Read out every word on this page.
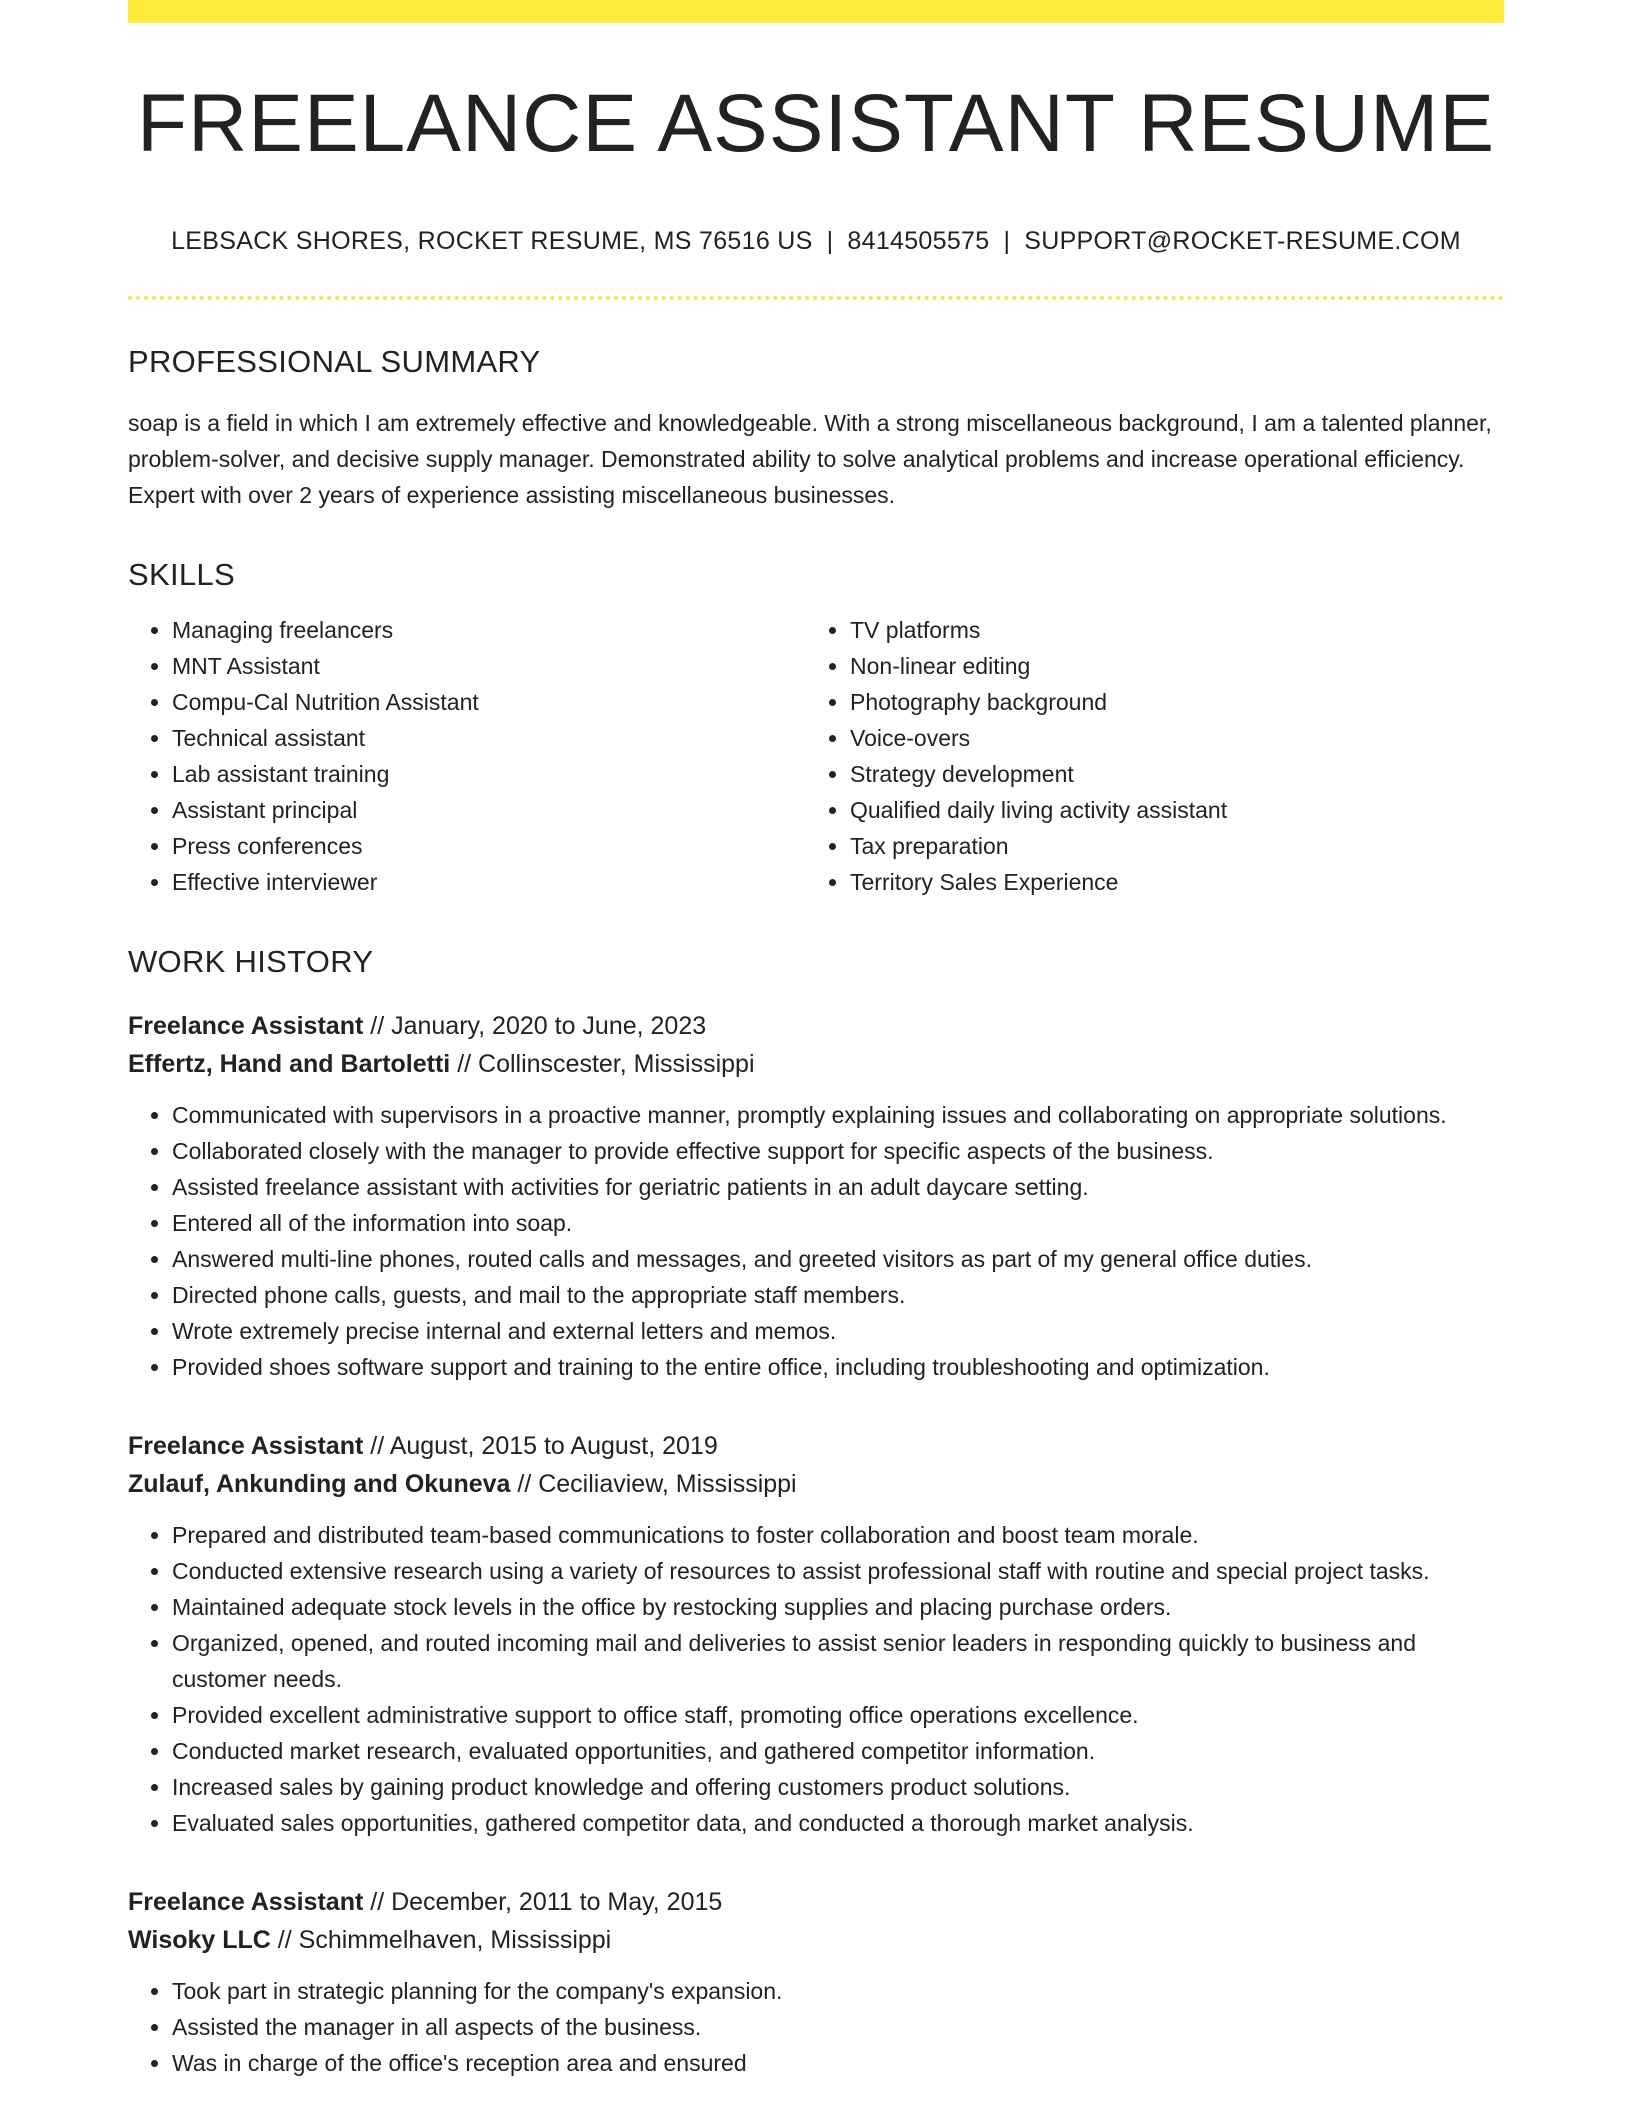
FREELANCE ASSISTANT RESUME
LEBSACK SHORES, ROCKET RESUME, MS 76516 US | 8414505575 | SUPPORT@ROCKET-RESUME.COM
PROFESSIONAL SUMMARY

soap is a field in which I am extremely effective and knowledgeable. With a strong miscellaneous background, I am a talented planner, problem-solver, and decisive supply manager. Demonstrated ability to solve analytical problems and increase operational efficiency. Expert with over 2 years of experience assisting miscellaneous businesses.

SKILLS
• Managing freelancers
• MNT Assistant
• Compu-Cal Nutrition Assistant
• Technical assistant
• Lab assistant training
• Assistant principal
• Press conferences
• Effective interviewer
• TV platforms
• Non-linear editing
• Photography background
• Voice-overs
• Strategy development
• Qualified daily living activity assistant
• Tax preparation
• Territory Sales Experience
WORK HISTORY
Freelance Assistant // January, 2020 to June, 2023
Effertz, Hand and Bartoletti // Collinscester, Mississippi
• Communicated with supervisors in a proactive manner, promptly explaining issues and collaborating on appropriate solutions.
• Collaborated closely with the manager to provide effective support for specific aspects of the business.
• Assisted freelance assistant with activities for geriatric patients in an adult daycare setting.
• Entered all of the information into soap.
• Answered multi-line phones, routed calls and messages, and greeted visitors as part of my general office duties.
• Directed phone calls, guests, and mail to the appropriate staff members.
• Wrote extremely precise internal and external letters and memos.
• Provided shoes software support and training to the entire office, including troubleshooting and optimization.
Freelance Assistant // August, 2015 to August, 2019
Zulauf, Ankunding and Okuneva // Ceciliaview, Mississippi
• Prepared and distributed team-based communications to foster collaboration and boost team morale.
• Conducted extensive research using a variety of resources to assist professional staff with routine and special project tasks.
• Maintained adequate stock levels in the office by restocking supplies and placing purchase orders.
• Organized, opened, and routed incoming mail and deliveries to assist senior leaders in responding quickly to business and customer needs.
• Provided excellent administrative support to office staff, promoting office operations excellence.
• Conducted market research, evaluated opportunities, and gathered competitor information.
• Increased sales by gaining product knowledge and offering customers product solutions.
• Evaluated sales opportunities, gathered competitor data, and conducted a thorough market analysis.
Freelance Assistant // December, 2011 to May, 2015
Wisoky LLC // Schimmelhaven, Mississippi
• Took part in strategic planning for the company's expansion.
• Assisted the manager in all aspects of the business.
• Was in charge of the office's reception area and ensured
